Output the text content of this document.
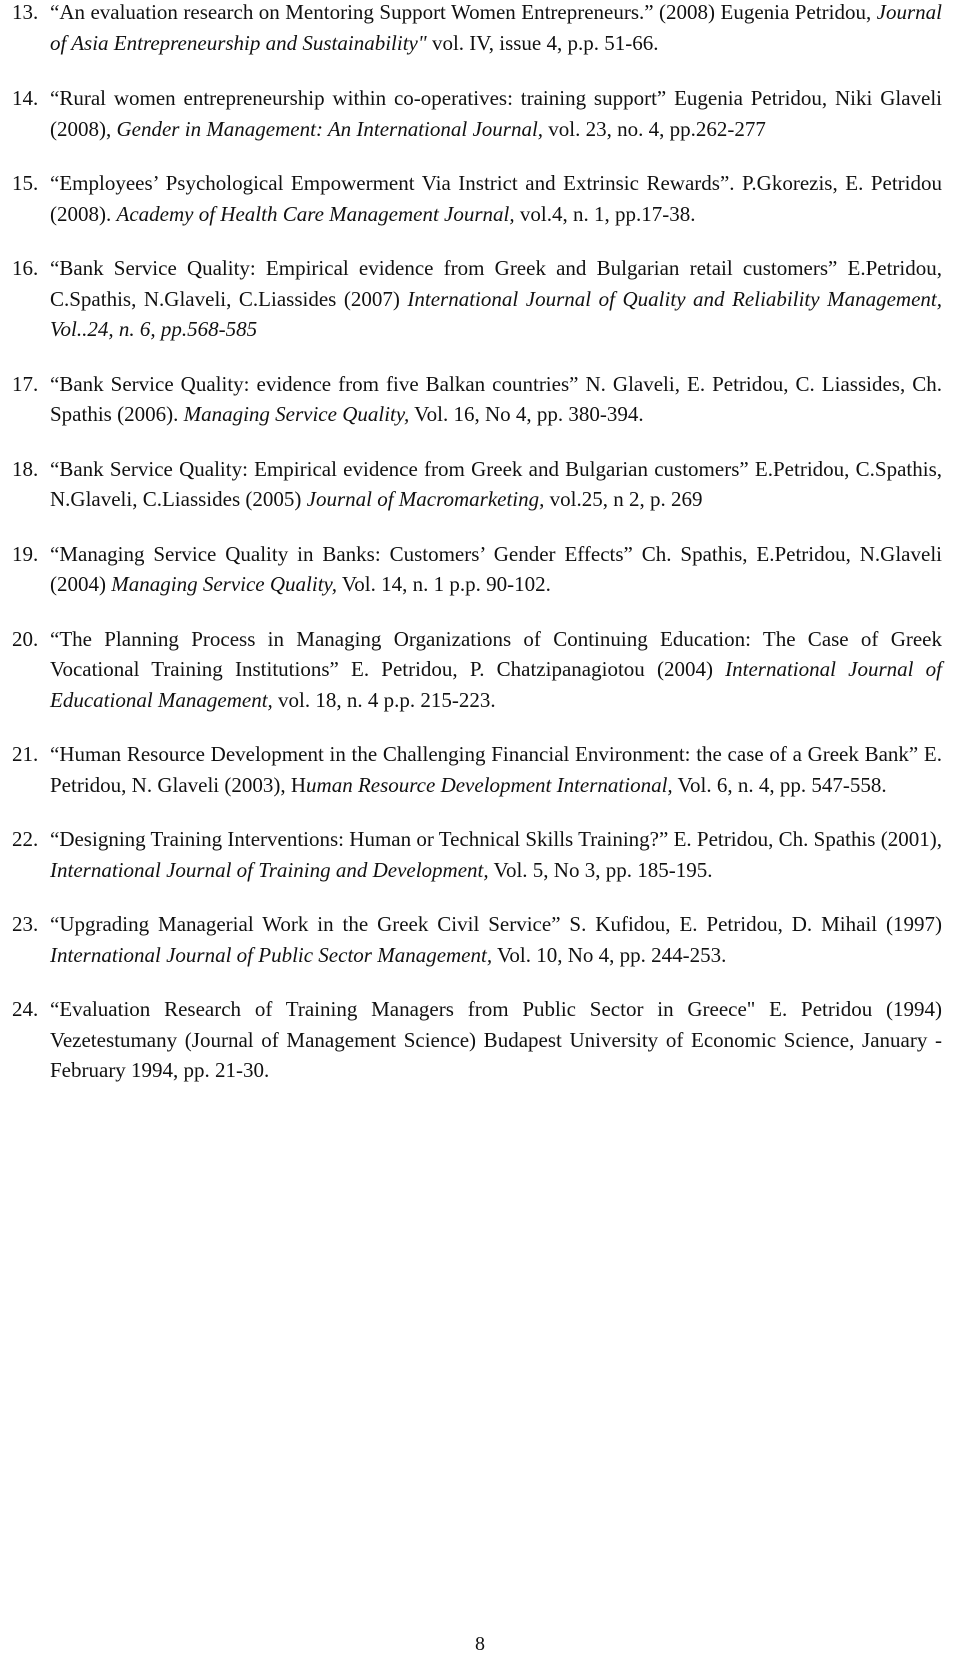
13. “An evaluation research on Mentoring Support Women Entrepreneurs.” (2008) Eugenia Petridou, Journal of Asia Entrepreneurship and Sustainability" vol. IV, issue 4, p.p. 51-66.
14. “Rural women entrepreneurship within co-operatives: training support” Eugenia Petridou, Niki Glaveli (2008), Gender in Management: An International Journal, vol. 23, no. 4, pp.262-277
15. “Employees’ Psychological Empowerment Via Instrict and Extrinsic Rewards”. P.Gkorezis, E. Petridou (2008). Academy of Health Care Management Journal, vol.4, n. 1, pp.17-38.
16. “Bank Service Quality: Empirical evidence from Greek and Bulgarian retail customers” E.Petridou, C.Spathis, N.Glaveli, C.Liassides (2007) International Journal of Quality and Reliability Management, Vol..24, n. 6, pp.568-585
17. “Bank Service Quality: evidence from five Balkan countries” N. Glaveli, E. Petridou, C. Liassides, Ch. Spathis (2006). Managing Service Quality, Vol. 16, No 4, pp. 380-394.
18. “Bank Service Quality: Empirical evidence from Greek and Bulgarian customers” E.Petridou, C.Spathis, N.Glaveli, C.Liassides (2005) Journal of Macromarketing, vol.25, n 2, p. 269
19. “Managing Service Quality in Banks: Customers’ Gender Effects” Ch. Spathis, E.Petridou, N.Glaveli (2004) Managing Service Quality, Vol. 14, n. 1 p.p. 90-102.
20. “The Planning Process in Managing Organizations of Continuing Education: The Case of Greek Vocational Training Institutions” E. Petridou, P. Chatzipanagiotou (2004) International Journal of Educational Management, vol. 18, n. 4 p.p. 215-223.
21. “Human Resource Development in the Challenging Financial Environment: the case of a Greek Bank” E. Petridou, N. Glaveli (2003), Human Resource Development International, Vol. 6, n. 4, pp. 547-558.
22. “Designing Training Interventions: Human or Technical Skills Training?” E. Petridou, Ch. Spathis (2001), International Journal of Training and Development, Vol. 5, No 3, pp. 185-195.
23. “Upgrading Managerial Work in the Greek Civil Service” S. Kufidou, E. Petridou, D. Mihail (1997) International Journal of Public Sector Management, Vol. 10, No 4, pp. 244-253.
24. “Evaluation Research of Training Managers from Public Sector in Greece" E. Petridou (1994) Vezetestumany (Journal of Management Science) Budapest University of Economic Science, January - February 1994, pp. 21-30.
8
